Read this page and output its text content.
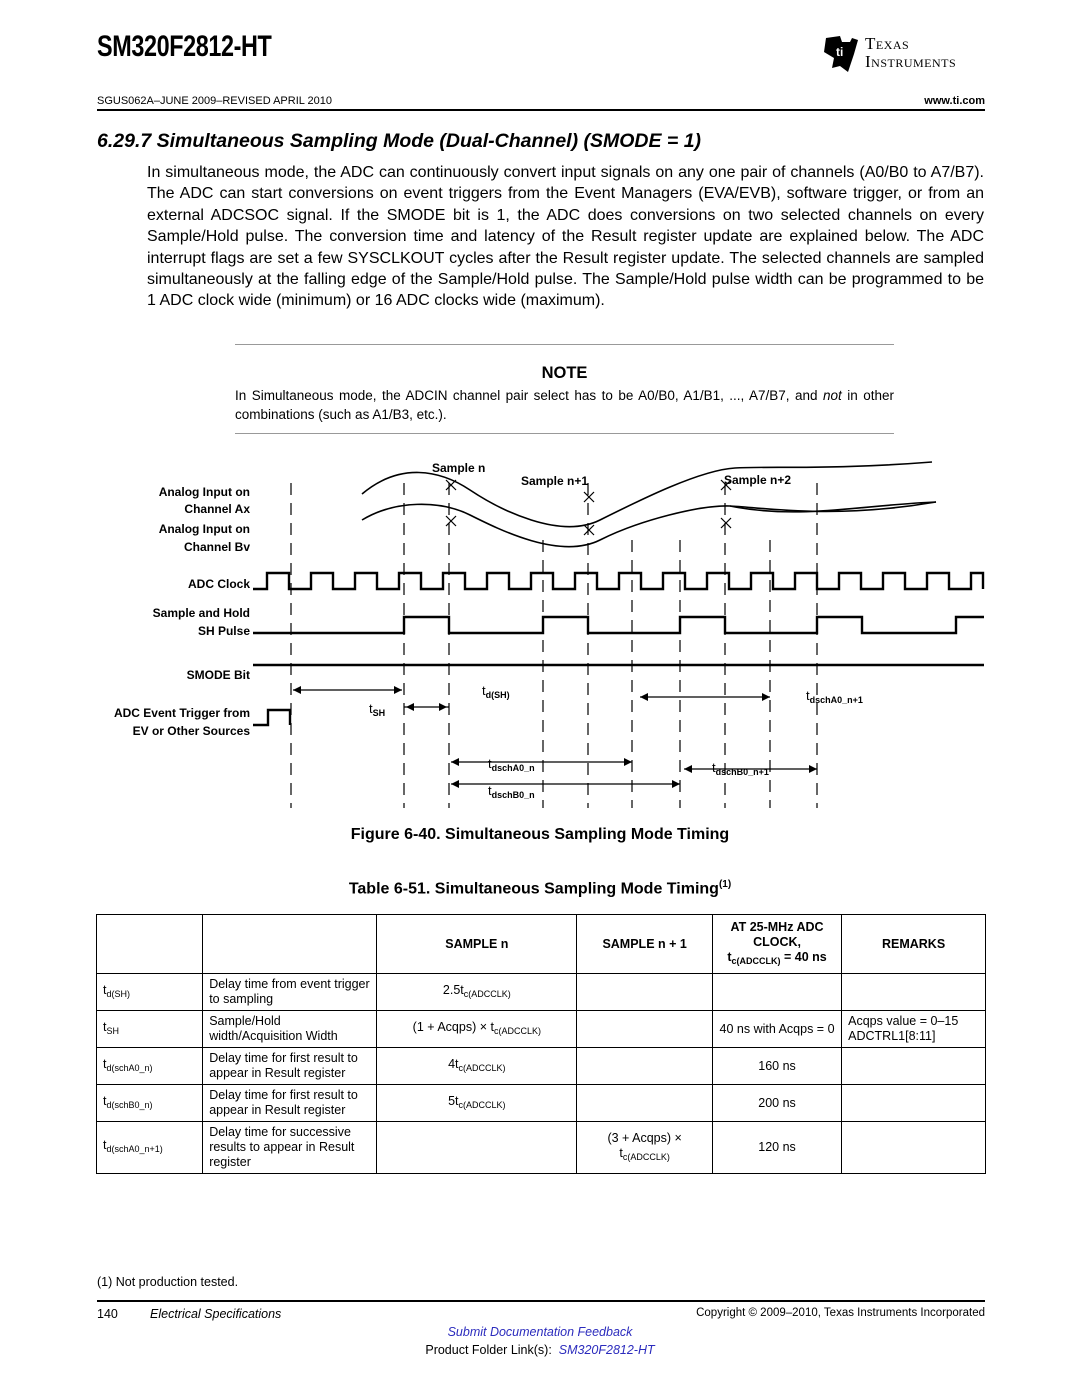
SM320F2812-HT	ti Texas
Instruments
SGUS062A–JUNE 2009–REVISED APRIL 2010	www.ti.com
6.29.7 Simultaneous Sampling Mode (Dual-Channel) (SMODE = 1)
In simultaneous mode, the ADC can continuously convert input signals on any one pair of channels (A0/B0 to A7/B7). The ADC can start conversions on event triggers from the Event Managers (EVA/EVB), software trigger, or from an external ADCSOC signal. If the SMODE bit is 1, the ADC does conversions on two selected channels on every Sample/Hold pulse. The conversion time and latency of the Result register update are explained below. The ADC interrupt flags are set a few SYSCLKOUT cycles after the Result register update. The selected channels are sampled simultaneously at the falling edge of the Sample/Hold pulse. The Sample/Hold pulse width can be programmed to be 1 ADC clock wide (minimum) or 16 ADC clocks wide (maximum).
NOTE
In Simultaneous mode, the ADCIN channel pair select has to be A0/B0, A1/B1, ..., A7/B7, and not in other combinations (such as A1/B3, etc.).
Analog Input on
Channel Ax
Analog Input on
Channel Bv
ADC Clock
Sample and Hold
SH Pulse
SMODE Bit
ADC Event Trigger from
EV or Other Sources
Sample n
Sample n+1	Sample n+2
$t_{d(SH)}$
$t_{SH}$
$t_{dschA0\_n+1}$
$t_{dschA0\_n}$	$t_{dschB0\_n+1}$
$t_{dschB0\_n}$
Figure 6-40. Simultaneous Sampling Mode Timing
Table 6-51. Simultaneous Sampling Mode Timing$^{(1)}$
		SAMPLE n	SAMPLE n + 1	AT 25-MHz ADC
CLOCK,
$t_{c(ADCCLK)} = 40$ ns	REMARKS
$t_{d(SH)}$	Delay time from event trigger to sampling	$2.5t_{c(ADCCLK)}$			
$t_{SH}$	Sample/Hold width/Acquisition Width	(1 + Acqps) × $t_{c(ADCCLK)}$		40 ns with Acqps = 0	Acqps value = 0–15 ADCTRL1[8:11]
$t_{d(schA0\_n)}$	Delay time for first result to appear in Result register	$4t_{c(ADCCLK)}$		160 ns	
$t_{d(schB0\_n)}$	Delay time for first result to appear in Result register	$5t_{c(ADCCLK)}$		200 ns	
$t_{d(schA0\_n+1)}$	Delay time for successive results to appear in Result register		(3 + Acqps) × $t_{c(ADCCLK)}$	120 ns	
(1) Not production tested.
140	Electrical Specifications	Copyright © 2009–2010, Texas Instruments Incorporated
Submit Documentation Feedback
Product Folder Link(s):  SM320F2812-HT
